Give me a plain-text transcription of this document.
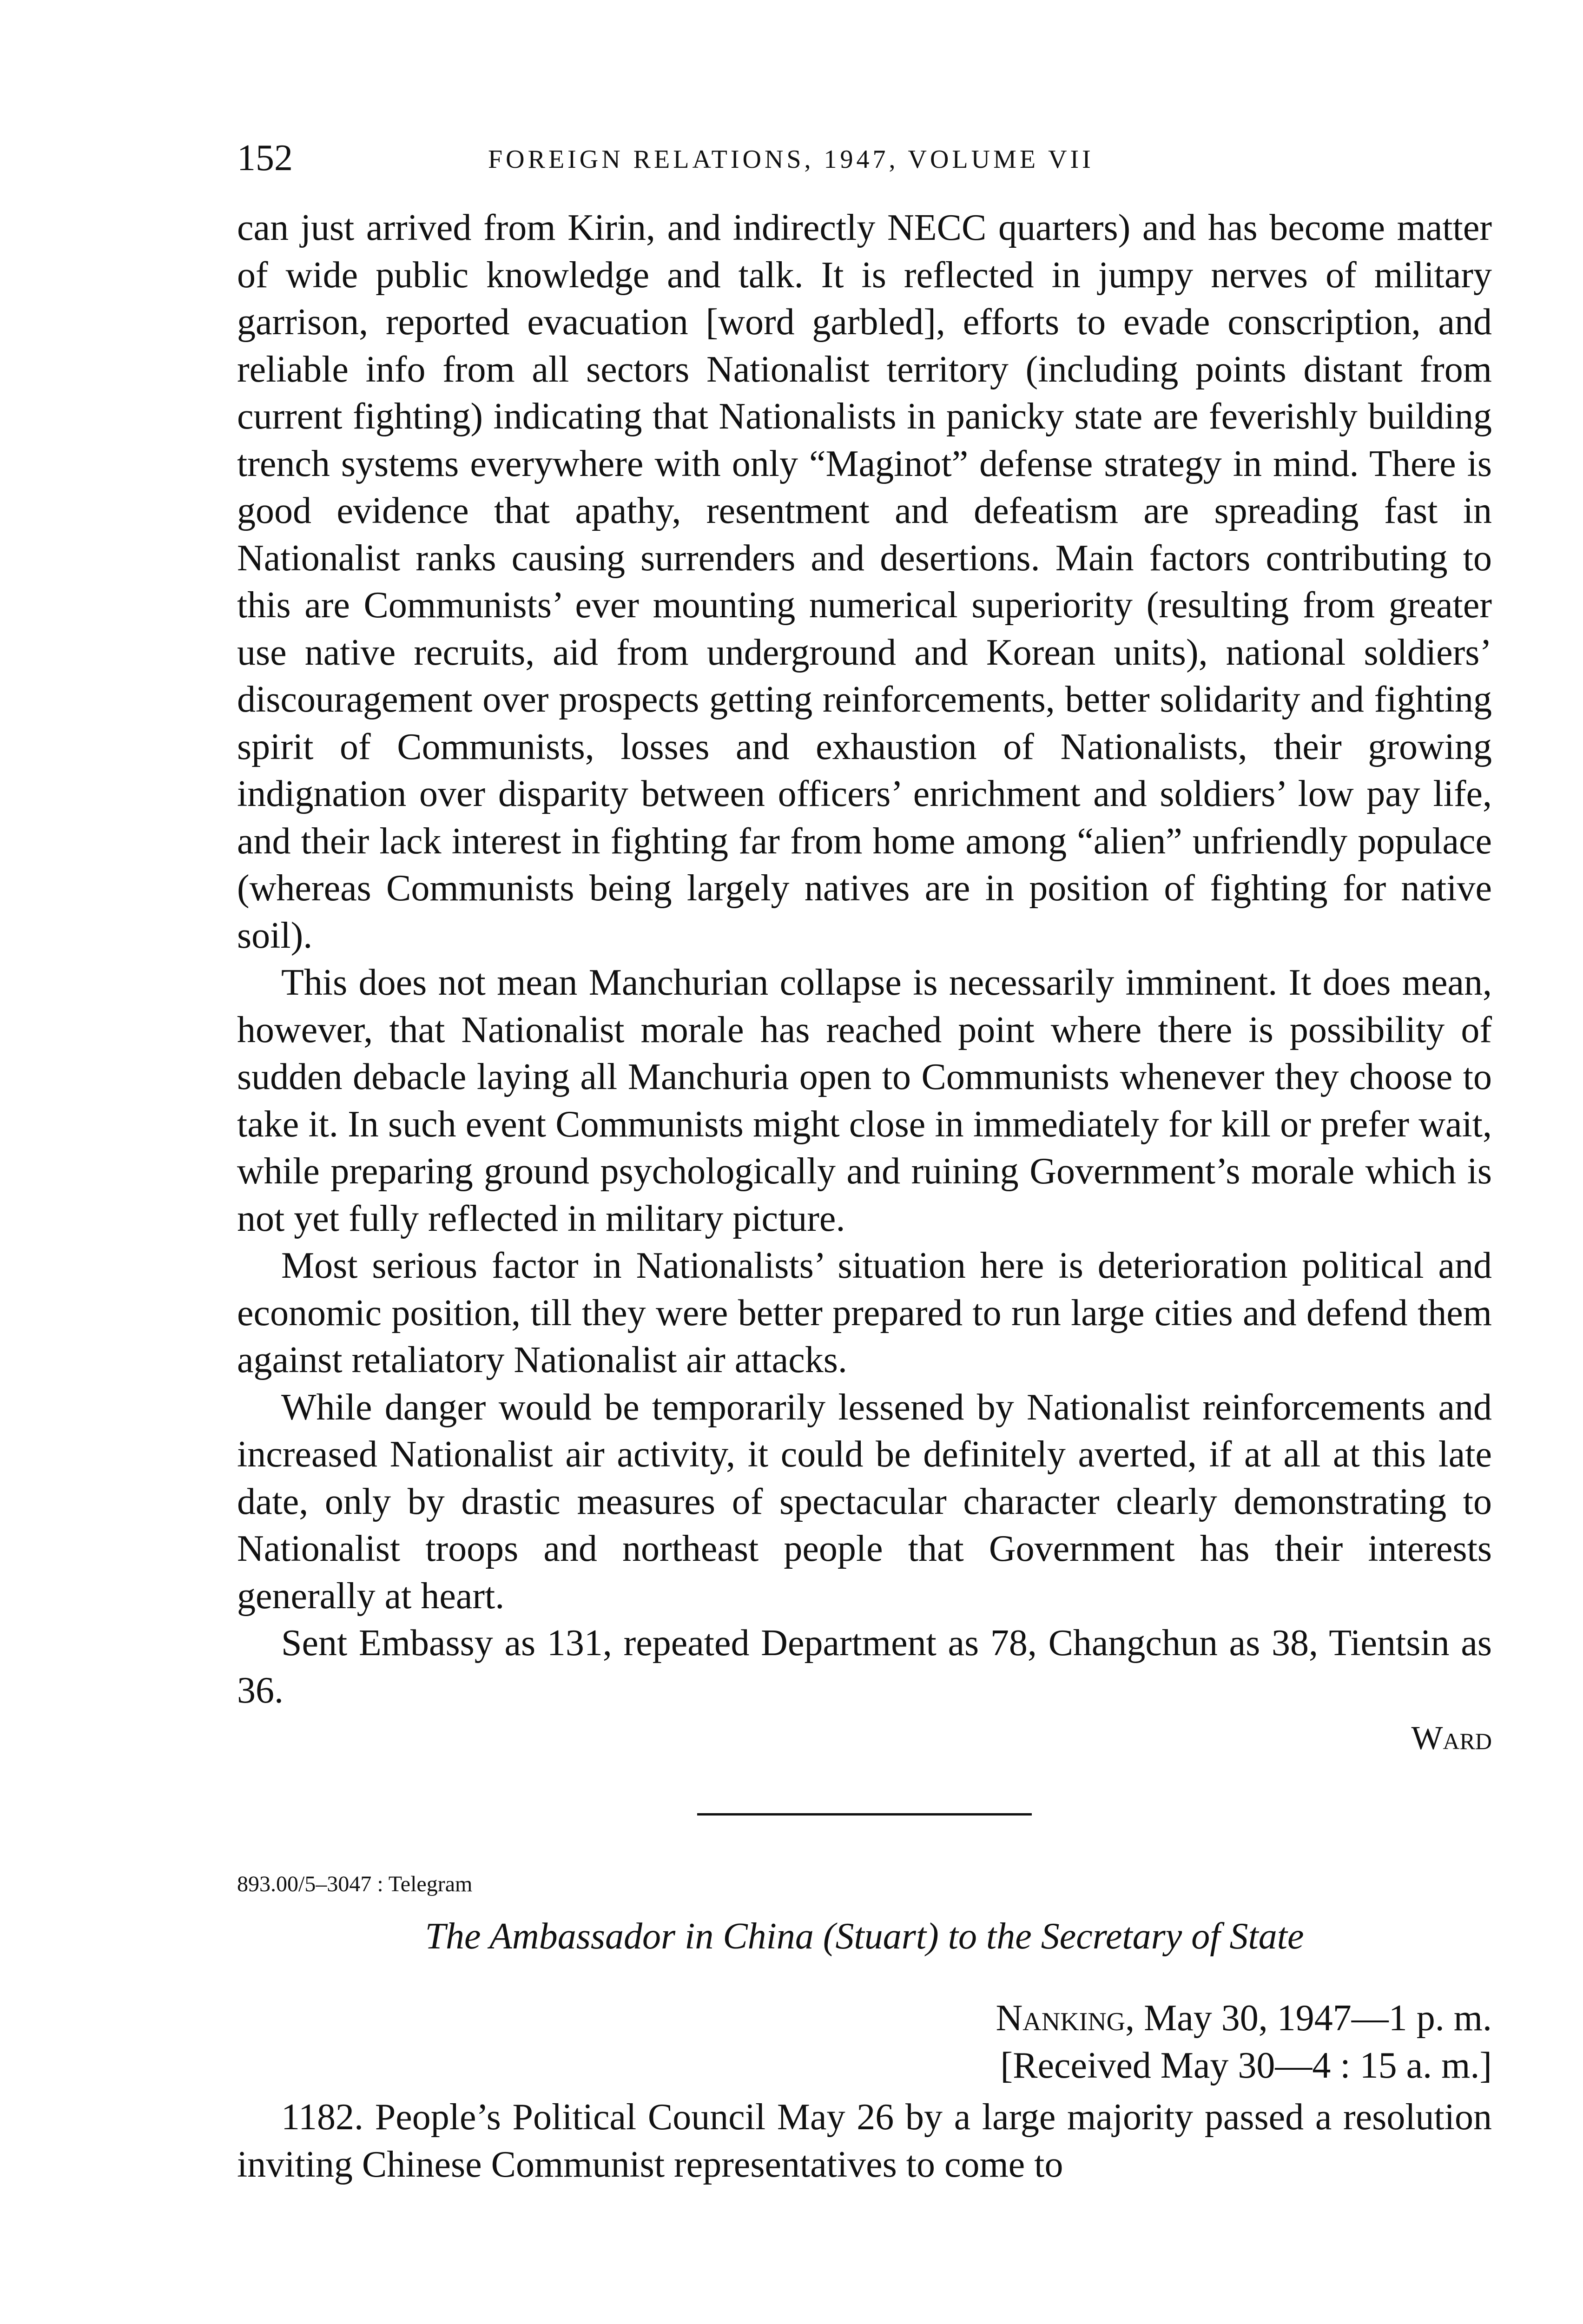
152	FOREIGN RELATIONS, 1947, VOLUME VII

can just arrived from Kirin, and indirectly NECC quarters) and has become matter of wide public knowledge and talk. It is reflected in jumpy nerves of military garrison, reported evacuation [word garbled], efforts to evade conscription, and reliable info from all sectors Nationalist territory (including points distant from current fighting) indicating that Nationalists in panicky state are feverishly building trench systems everywhere with only “Maginot” defense strategy in mind. There is good evidence that apathy, resentment and defeatism are spreading fast in Nationalist ranks causing surrenders and desertions. Main factors contributing to this are Communists’ ever mounting numerical superiority (resulting from greater use native recruits, aid from underground and Korean units), national soldiers’ discouragement over prospects getting reinforcements, better solidarity and fighting spirit of Communists, losses and exhaustion of Nationalists, their growing indignation over disparity between officers’ enrichment and soldiers’ low pay life, and their lack interest in fighting far from home among “alien” unfriendly populace (whereas Communists being largely natives are in position of fighting for native soil).

This does not mean Manchurian collapse is necessarily imminent. It does mean, however, that Nationalist morale has reached point where there is possibility of sudden debacle laying all Manchuria open to Communists whenever they choose to take it. In such event Communists might close in immediately for kill or prefer wait, while preparing ground psychologically and ruining Government’s morale which is not yet fully reflected in military picture.

Most serious factor in Nationalists’ situation here is deterioration political and economic position, till they were better prepared to run large cities and defend them against retaliatory Nationalist air attacks.

While danger would be temporarily lessened by Nationalist reinforcements and increased Nationalist air activity, it could be definitely averted, if at all at this late date, only by drastic measures of spectacular character clearly demonstrating to Nationalist troops and northeast people that Government has their interests generally at heart.

Sent Embassy as 131, repeated Department as 78, Changchun as 38, Tientsin as 36.

Ward
893.00/5–3047 : Telegram
The Ambassador in China (Stuart) to the Secretary of State
Nanking, May 30, 1947—1 p. m.
[Received May 30—4 : 15 a. m.]

1182. People’s Political Council May 26 by a large majority passed a resolution inviting Chinese Communist representatives to come to
